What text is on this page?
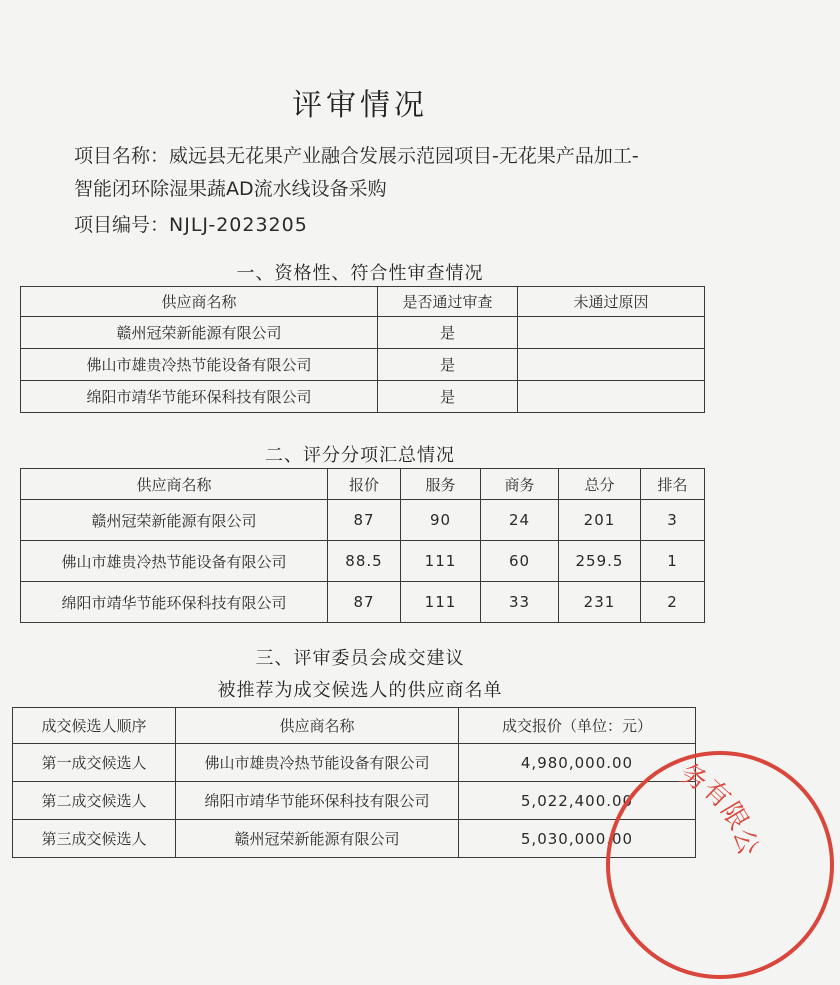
评审情况
项目名称：威远县无花果产业融合发展示范园项目-无花果产品加工-
智能闭环除湿果蔬AD流水线设备采购
项目编号：NJLJ-2023205
一、资格性、符合性审查情况
供应商名称	是否通过审查	未通过原因
赣州冠荣新能源有限公司	是	
佛山市雄贵冷热节能设备有限公司	是	
绵阳市靖华节能环保科技有限公司	是	
二、评分分项汇总情况
供应商名称	报价	服务	商务	总分	排名
赣州冠荣新能源有限公司	87	90	24	201	3
佛山市雄贵冷热节能设备有限公司	88.5	111	60	259.5	1
绵阳市靖华节能环保科技有限公司	87	111	33	231	2
三、评审委员会成交建议
被推荐为成交候选人的供应商名单
成交候选人顺序	供应商名称	成交报价（单位：元）
第一成交候选人	佛山市雄贵冷热节能设备有限公司	4,980,000.00
第二成交候选人	绵阳市靖华节能环保科技有限公司	5,022,400.00
第三成交候选人	赣州冠荣新能源有限公司	5,030,000.00
务有限公
